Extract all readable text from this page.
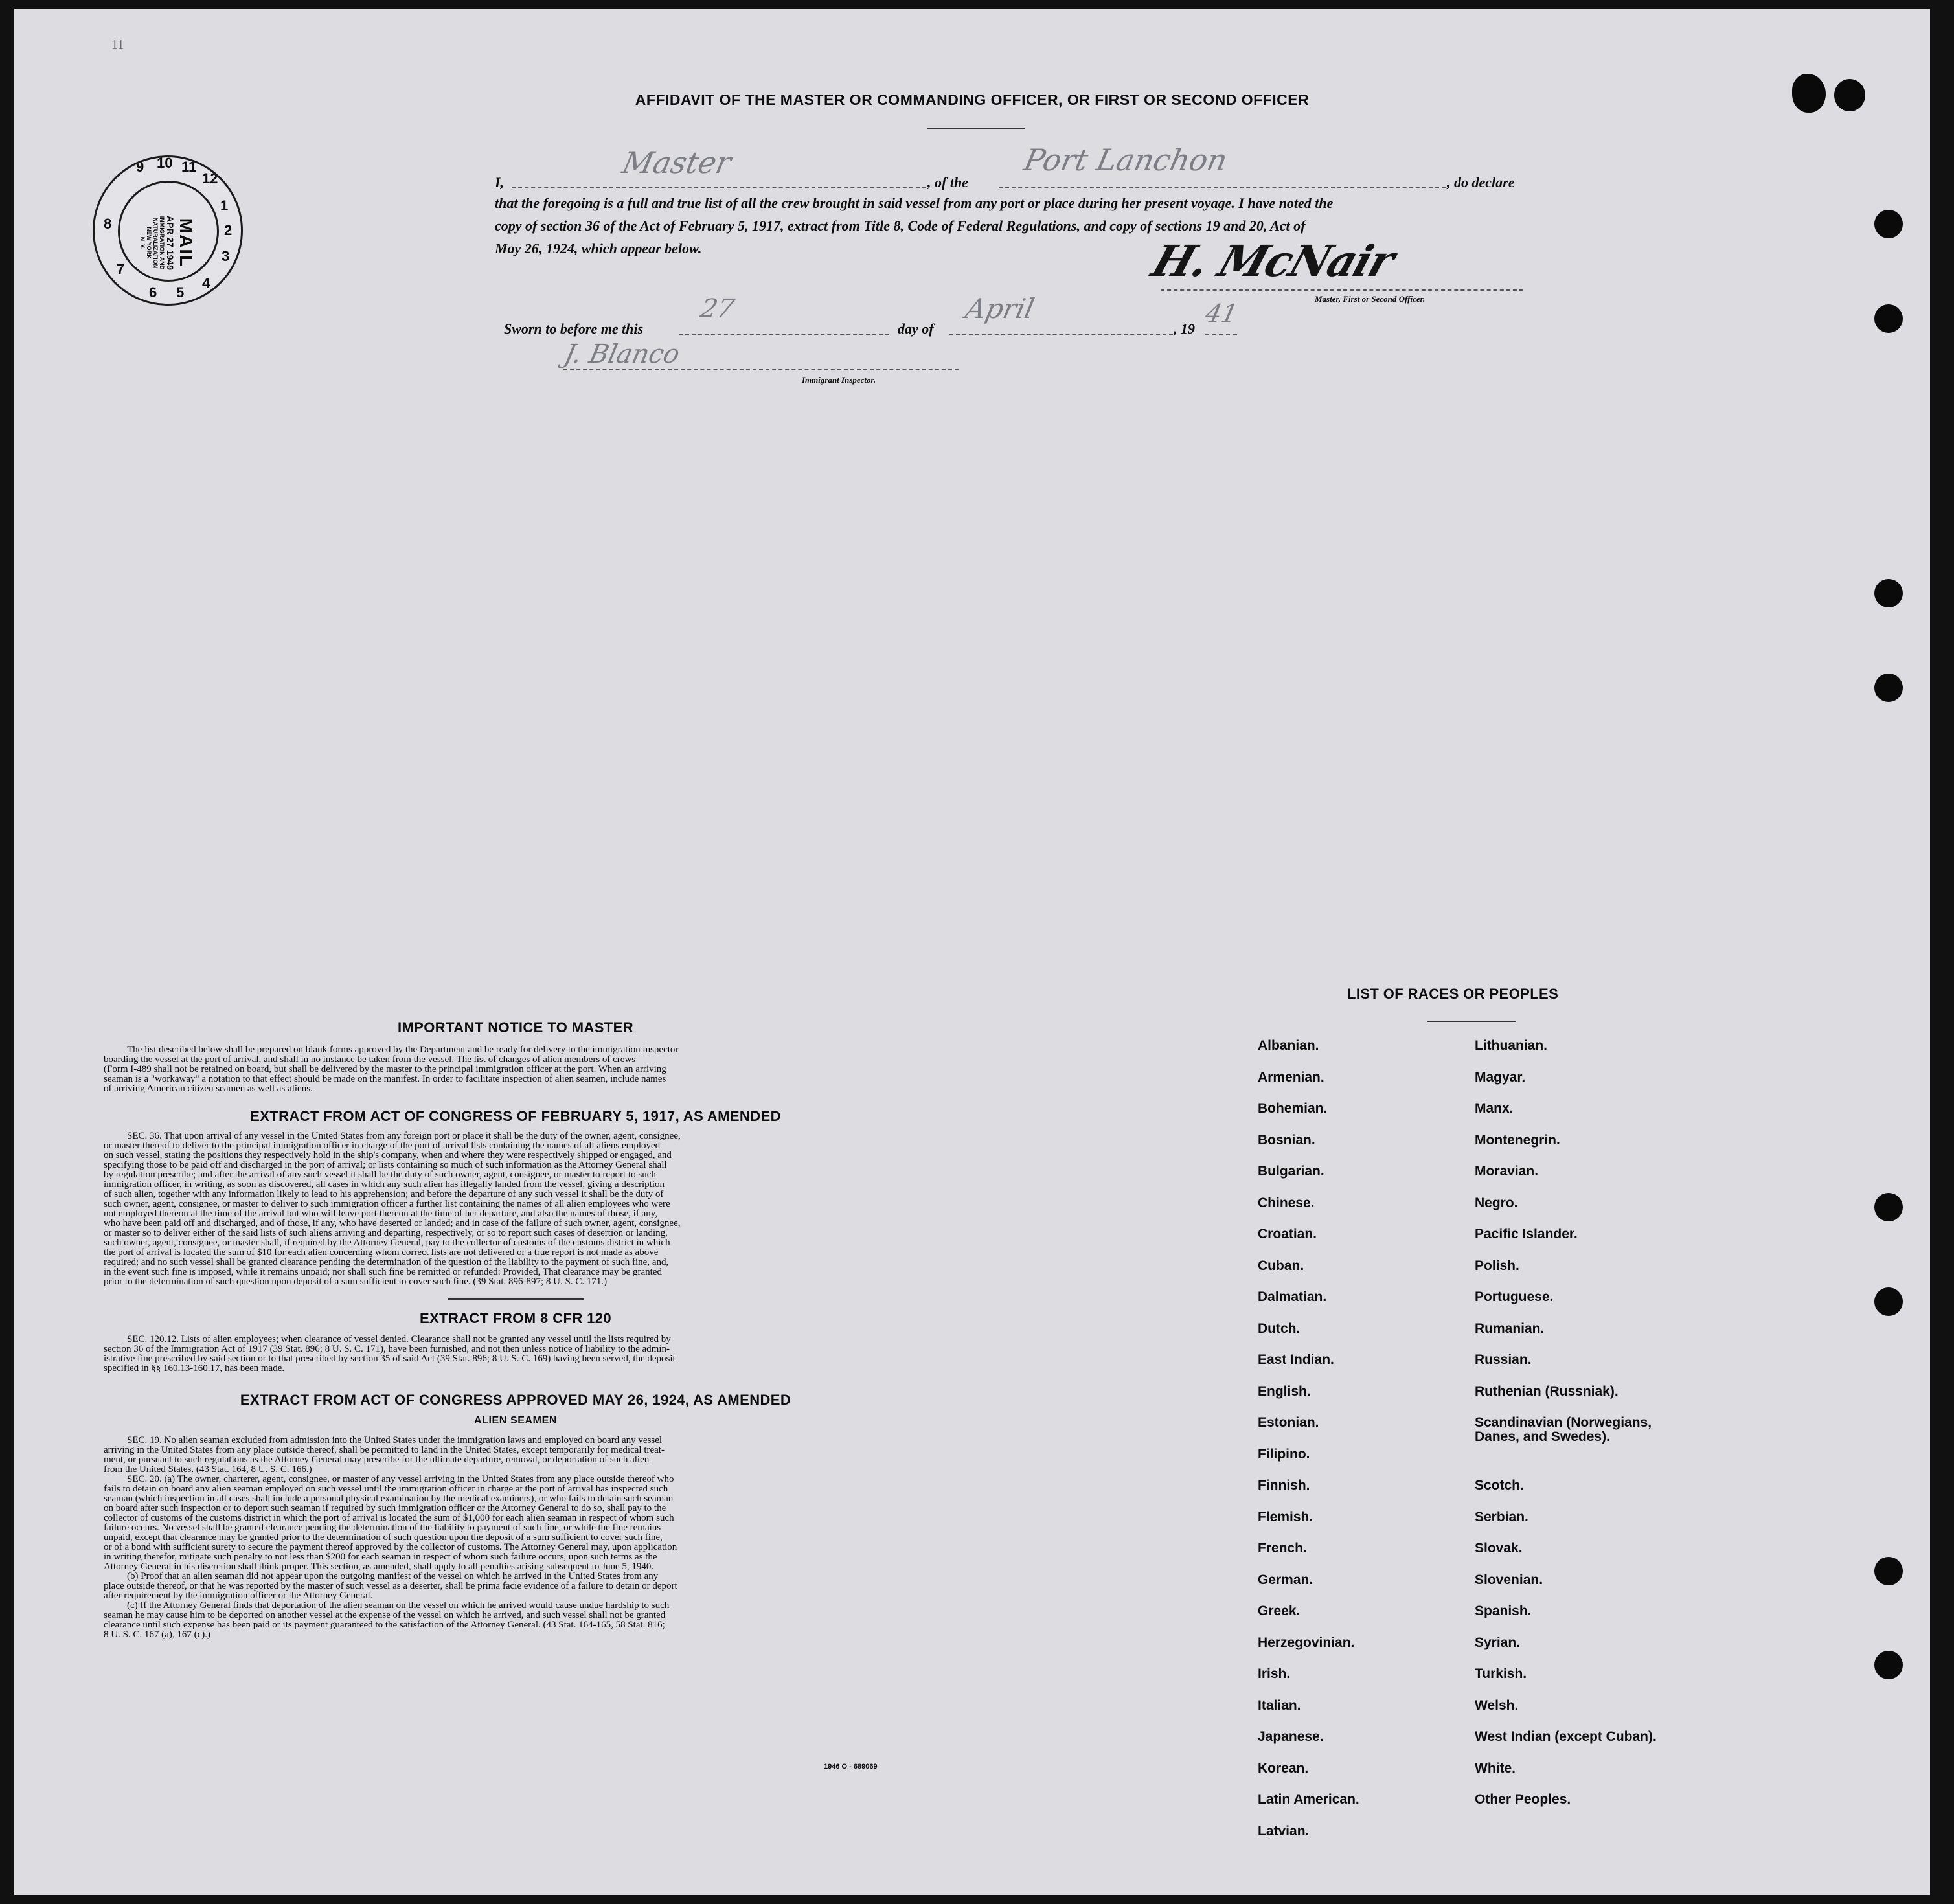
11
9 10 11
12
1
2
3
4
5
6
7
8	MAIL
APR 27 1949
IMMIGRATION AND
NATURALIZATION
NEW YORK
N. Y.
AFFIDAVIT OF THE MASTER OR COMMANDING OFFICER, OR FIRST OR SECOND OFFICER
I,
Master
, of the
Port Lanchon
, do declare
that the foregoing is a full and true list of all the crew brought in said vessel from any port or place during her present voyage. I have noted the
copy of section 36 of the Act of February 5, 1917, extract from Title 8, Code of Federal Regulations, and copy of sections 19 and 20, Act of
May 26, 1924, which appear below.	H. McNair
Master, First or Second Officer.
Sworn to before me this
27
day of
April
, 19
41
J. Blanco
Immigrant Inspector.
IMPORTANT NOTICE TO MASTER

The list described below shall be prepared on blank forms approved by the Department and be ready for delivery to the immigration inspector

boarding the vessel at the port of arrival, and shall in no instance be taken from the vessel. The list of changes of alien members of crews
(Form I-489 shall not be retained on board, but shall be delivered by the master to the principal immigration officer at the port. When an arriving
seaman is a "workaway" a notation to that effect should be made on the manifest. In order to facilitate inspection of alien seamen, include names
of arriving American citizen seamen as well as aliens.
EXTRACT FROM ACT OF CONGRESS OF FEBRUARY 5, 1917, AS AMENDED

SEC. 36. That upon arrival of any vessel in the United States from any foreign port or place it shall be the duty of the owner, agent, consignee,

or master thereof to deliver to the principal immigration officer in charge of the port of arrival lists containing the names of all aliens employed
on such vessel, stating the positions they respectively hold in the ship's company, when and where they were respectively shipped or engaged, and
specifying those to be paid off and discharged in the port of arrival; or lists containing so much of such information as the Attorney General shall
by regulation prescribe; and after the arrival of any such vessel it shall be the duty of such owner, agent, consignee, or master to report to such
immigration officer, in writing, as soon as discovered, all cases in which any such alien has illegally landed from the vessel, giving a description
of such alien, together with any information likely to lead to his apprehension; and before the departure of any such vessel it shall be the duty of
such owner, agent, consignee, or master to deliver to such immigration officer a further list containing the names of all alien employees who were
not employed thereon at the time of the arrival but who will leave port thereon at the time of her departure, and also the names of those, if any,
who have been paid off and discharged, and of those, if any, who have deserted or landed; and in case of the failure of such owner, agent, consignee,
or master so to deliver either of the said lists of such aliens arriving and departing, respectively, or so to report such cases of desertion or landing,
such owner, agent, consignee, or master shall, if required by the Attorney General, pay to the collector of customs of the customs district in which
the port of arrival is located the sum of $10 for each alien concerning whom correct lists are not delivered or a true report is not made as above
required; and no such vessel shall be granted clearance pending the determination of the question of the liability to the payment of such fine, and,
in the event such fine is imposed, while it remains unpaid; nor shall such fine be remitted or refunded: Provided, That clearance may be granted
prior to the determination of such question upon deposit of a sum sufficient to cover such fine. (39 Stat. 896-897; 8 U. S. C. 171.)
EXTRACT FROM 8 CFR 120

SEC. 120.12. Lists of alien employees; when clearance of vessel denied. Clearance shall not be granted any vessel until the lists required by

section 36 of the Immigration Act of 1917 (39 Stat. 896; 8 U. S. C. 171), have been furnished, and not then unless notice of liability to the admin-
istrative fine prescribed by said section or to that prescribed by section 35 of said Act (39 Stat. 896; 8 U. S. C. 169) having been served, the deposit
specified in §§ 160.13-160.17, has been made.
EXTRACT FROM ACT OF CONGRESS APPROVED MAY 26, 1924, AS AMENDED
ALIEN SEAMEN

SEC. 19. No alien seaman excluded from admission into the United States under the immigration laws and employed on board any vessel

arriving in the United States from any place outside thereof, shall be permitted to land in the United States, except temporarily for medical treat-
ment, or pursuant to such regulations as the Attorney General may prescribe for the ultimate departure, removal, or deportation of such alien
from the United States. (43 Stat. 164, 8 U. S. C. 166.)

SEC. 20. (a) The owner, charterer, agent, consignee, or master of any vessel arriving in the United States from any place outside thereof who

fails to detain on board any alien seaman employed on such vessel until the immigration officer in charge at the port of arrival has inspected such
seaman (which inspection in all cases shall include a personal physical examination by the medical examiners), or who fails to detain such seaman
on board after such inspection or to deport such seaman if required by such immigration officer or the Attorney General to do so, shall pay to the
collector of customs of the customs district in which the port of arrival is located the sum of $1,000 for each alien seaman in respect of whom such
failure occurs. No vessel shall be granted clearance pending the determination of the liability to payment of such fine, or while the fine remains
unpaid, except that clearance may be granted prior to the determination of such question upon the deposit of a sum sufficient to cover such fine,
or of a bond with sufficient surety to secure the payment thereof approved by the collector of customs. The Attorney General may, upon application
in writing therefor, mitigate such penalty to not less than $200 for each seaman in respect of whom such failure occurs, upon such terms as the
Attorney General in his discretion shall think proper. This section, as amended, shall apply to all penalties arising subsequent to June 5, 1940.

(b) Proof that an alien seaman did not appear upon the outgoing manifest of the vessel on which he arrived in the United States from any

place outside thereof, or that he was reported by the master of such vessel as a deserter, shall be prima facie evidence of a failure to detain or deport
after requirement by the immigration officer or the Attorney General.

(c) If the Attorney General finds that deportation of the alien seaman on the vessel on which he arrived would cause undue hardship to such

seaman he may cause him to be deported on another vessel at the expense of the vessel on which he arrived, and such vessel shall not be granted
clearance until such expense has been paid or its payment guaranteed to the satisfaction of the Attorney General. (43 Stat. 164-165, 58 Stat. 816;
8 U. S. C. 167 (a), 167 (c).)
1946 O - 689069
LIST OF RACES OR PEOPLES
Albanian.
Armenian.
Bohemian.
Bosnian.
Bulgarian.
Chinese.
Croatian.
Cuban.
Dalmatian.
Dutch.
East Indian.
English.
Estonian.
Filipino.
Finnish.
Flemish.
French.
German.
Greek.
Herzegovinian.
Irish.
Italian.
Japanese.
Korean.
Latin American.
Latvian.
Lithuanian.
Magyar.
Manx.
Montenegrin.
Moravian.
Negro.
Pacific Islander.
Polish.
Portuguese.
Rumanian.
Russian.
Ruthenian (Russniak).
Scandinavian (Norwegians,
Danes, and Swedes).
Scotch.
Serbian.
Slovak.
Slovenian.
Spanish.
Syrian.
Turkish.
Welsh.
West Indian (except Cuban).
White.
Other Peoples.
